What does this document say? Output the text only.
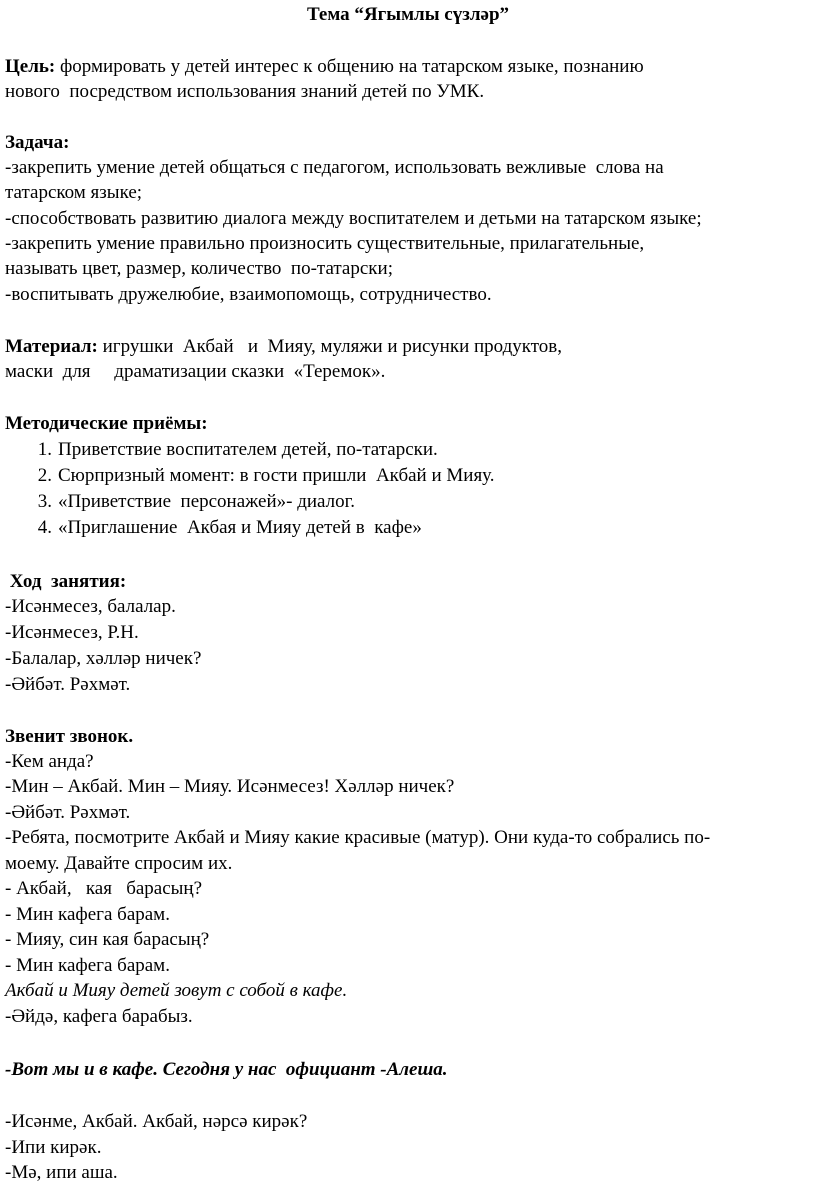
Тема “Ягымлы сүзләр”
Цель: формировать у детей интерес к общению на татарском языке, познанию
нового  посредством использования знаний детей по УМК.
Задача:
-закрепить умение детей общаться с педагогом, использовать вежливые  слова на
татарском языке;
-способствовать развитию диалога между воспитателем и детьми на татарском языке;
-закрепить умение правильно произносить существительные, прилагательные,
называть цвет, размер, количество  по-татарски;
-воспитывать дружелюбие, взаимопомощь, сотрудничество.
Материал: игрушки  Акбай   и  Мияу, муляжи и рисунки продуктов,
маски  для     драматизации сказки  «Теремок».
Методические приёмы:
1. Приветствие воспитателем детей, по-татарски.
2. Сюрпризный момент: в гости пришли  Акбай и Мияу.
3. «Приветствие  персонажей»- диалог.
4. «Приглашение  Акбая и Мияу детей в  кафе»
Ход  занятия:
-Исәнмесез, балалар.
-Исәнмесез, Р.Н.
-Балалар, хәлләр ничек?
-Әйбәт. Рәхмәт.
Звенит звонок.
-Кем анда?
-Мин – Акбай. Мин – Мияу. Исәнмесез! Хәлләр ничек?
-Әйбәт. Рәхмәт.
-Ребята, посмотрите Акбай и Мияу какие красивые (матур). Они куда-то собрались по-
моему. Давайте спросим их.
- Акбай,   кая   барасың?
- Мин кафега барам.
- Мияу, син кая барасың?
- Мин кафега барам.
Акбай и Мияу детей зовут с собой в кафе.
-Әйдә, кафега барабыз.
-Вот мы и в кафе. Сегодня у нас  официант -Алеша.
-Исәнме, Акбай. Акбай, нәрсә кирәк?
-Ипи кирәк.
-Мә, ипи аша.
